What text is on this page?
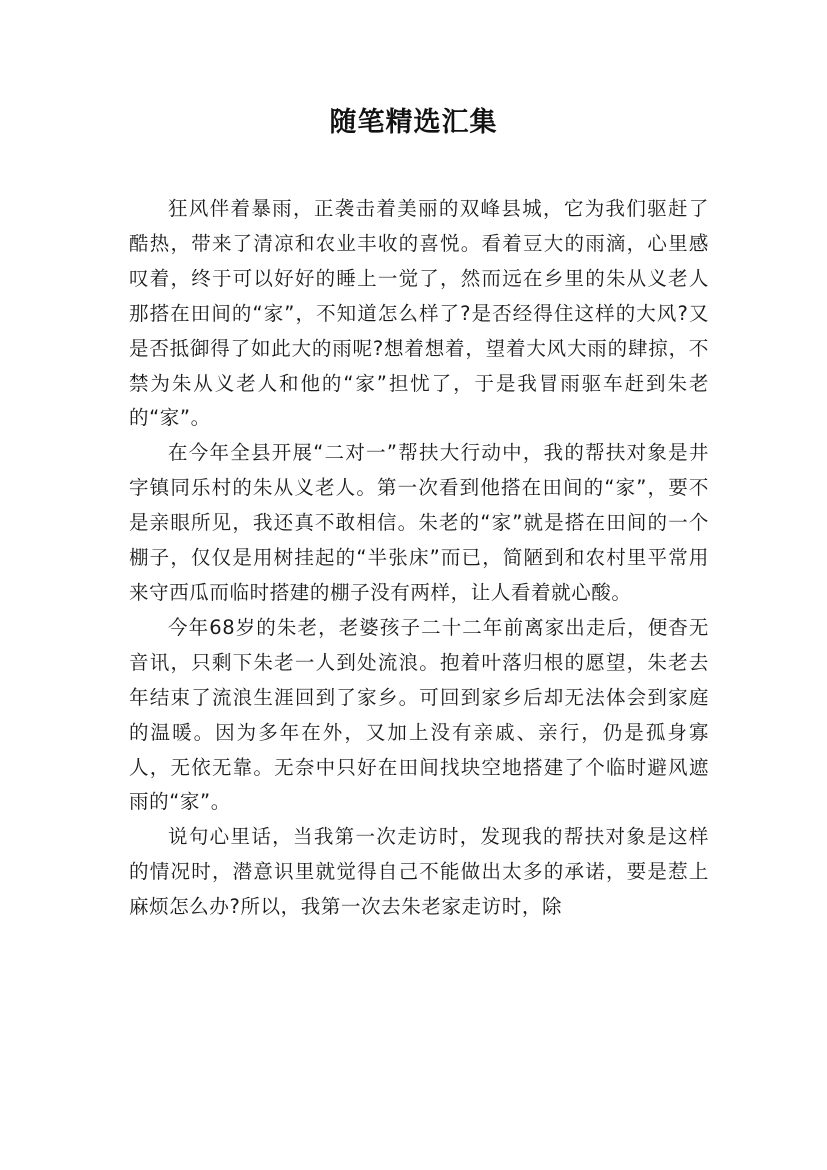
随笔精选汇集

狂风伴着暴雨，正袭击着美丽的双峰县城，它为我们驱赶了酷热，带来了清凉和农业丰收的喜悦。看着豆大的雨滴，心里感叹着，终于可以好好的睡上一觉了，然而远在乡里的朱从义老人那搭在田间的“家”，不知道怎么样了?是否经得住这样的大风?又是否抵御得了如此大的雨呢?想着想着，望着大风大雨的肆掠，不禁为朱从义老人和他的“家”担忧了，于是我冒雨驱车赶到朱老的“家”。

在今年全县开展“二对一”帮扶大行动中，我的帮扶对象是井字镇同乐村的朱从义老人。第一次看到他搭在田间的“家”，要不是亲眼所见，我还真不敢相信。朱老的“家”就是搭在田间的一个棚子，仅仅是用树挂起的“半张床”而已，简陋到和农村里平常用来守西瓜而临时搭建的棚子没有两样，让人看着就心酸。

今年68岁的朱老，老婆孩子二十二年前离家出走后，便杳无音讯，只剩下朱老一人到处流浪。抱着叶落归根的愿望，朱老去年结束了流浪生涯回到了家乡。可回到家乡后却无法体会到家庭的温暖。因为多年在外，又加上没有亲戚、亲行，仍是孤身寡人，无依无靠。无奈中只好在田间找块空地搭建了个临时避风遮雨的“家”。

说句心里话，当我第一次走访时，发现我的帮扶对象是这样的情况时，潜意识里就觉得自己不能做出太多的承诺，要是惹上麻烦怎么办?所以，我第一次去朱老家走访时，除
